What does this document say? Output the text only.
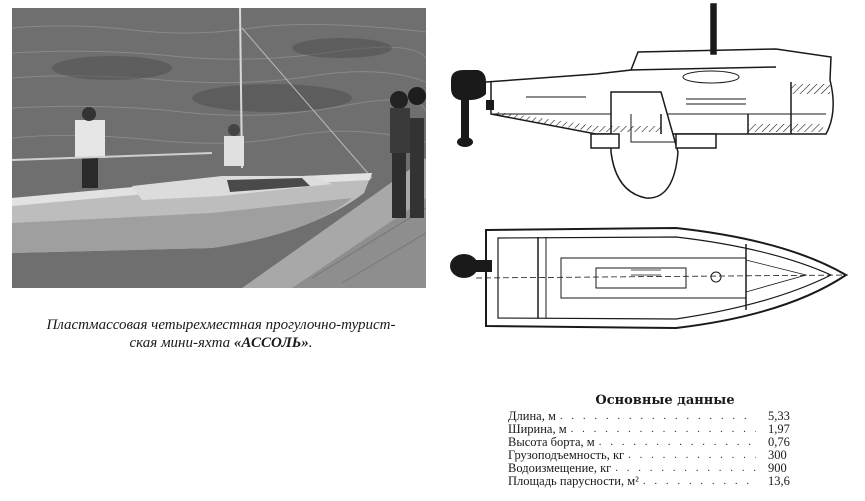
Пластмассовая четырехместная прогулочно-турист-
ская мини-яхта «АССОЛЬ».
Основные данные
Длина, м . . .	5,33
Ширина, м . . .	1,97
Высота борта, м . . .	0,76
Грузоподъемность, кг . . .	300
Водоизмещение, кг . . .	900
Площадь парусности, м² . . .	13,6
